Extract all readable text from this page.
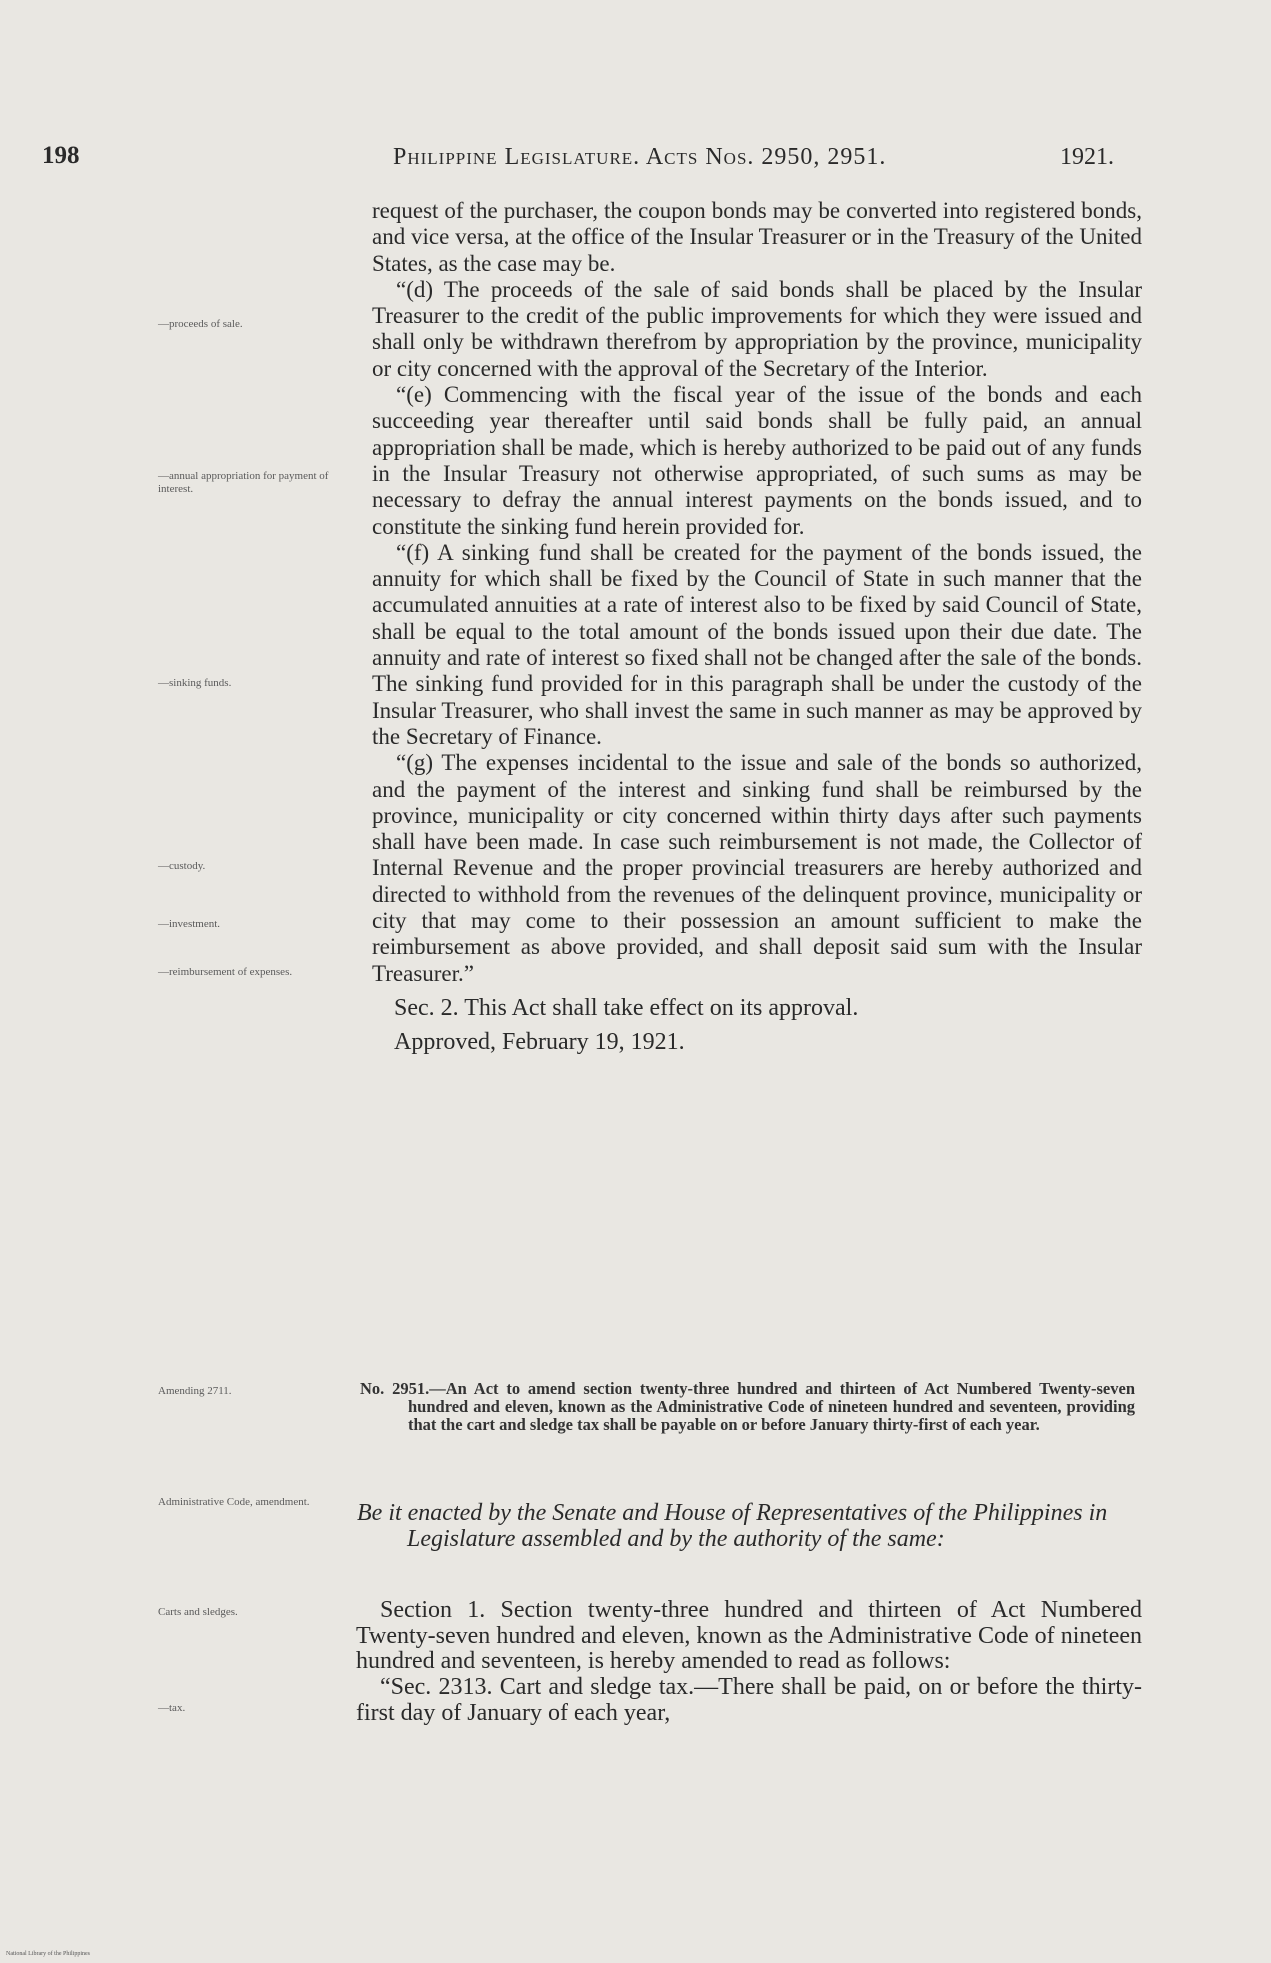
198	Philippine Legislature. Acts Nos. 2950, 2951.	1921.
—proceeds of sale.
—annual appropriation for payment of interest.
—sinking funds.
—custody.
—investment.
—reimbursement of expenses.
Amending 2711.
Administrative Code, amendment.
Carts and sledges.
—tax.

request of the purchaser, the coupon bonds may be converted into registered bonds, and vice versa, at the office of the Insular Treasurer or in the Treasury of the United States, as the case may be.

“(d) The proceeds of the sale of said bonds shall be placed by the Insular Treasurer to the credit of the public improvements for which they were issued and shall only be withdrawn therefrom by appropriation by the province, municipality or city concerned with the approval of the Secretary of the Interior.

“(e) Commencing with the fiscal year of the issue of the bonds and each succeeding year thereafter until said bonds shall be fully paid, an annual appropriation shall be made, which is hereby authorized to be paid out of any funds in the Insular Treasury not otherwise appropriated, of such sums as may be necessary to defray the annual interest payments on the bonds issued, and to constitute the sinking fund herein provided for.

“(f) A sinking fund shall be created for the payment of the bonds issued, the annuity for which shall be fixed by the Council of State in such manner that the accumulated annuities at a rate of interest also to be fixed by said Council of State, shall be equal to the total amount of the bonds issued upon their due date. The annuity and rate of interest so fixed shall not be changed after the sale of the bonds. The sinking fund provided for in this paragraph shall be under the custody of the Insular Treasurer, who shall invest the same in such manner as may be approved by the Secretary of Finance.

“(g) The expenses incidental to the issue and sale of the bonds so authorized, and the payment of the interest and sinking fund shall be reimbursed by the province, municipality or city concerned within thirty days after such payments shall have been made. In case such reimbursement is not made, the Collector of Internal Revenue and the proper provincial treasurers are hereby authorized and directed to withhold from the revenues of the delinquent province, municipality or city that may come to their possession an amount sufficient to make the reimbursement as above provided, and shall deposit said sum with the Insular Treasurer.”

Sec. 2. This Act shall take effect on its approval.

Approved, February 19, 1921.

No. 2951.—An Act to amend section twenty-three hundred and thirteen of Act Numbered Twenty-seven hundred and eleven, known as the Administrative Code of nineteen hundred and seventeen, providing that the cart and sledge tax shall be payable on or before January thirty-first of each year.
Be it enacted by the Senate and House of Representatives of the Philippines in Legislature assembled and by the authority of the same:

Section 1. Section twenty-three hundred and thirteen of Act Numbered Twenty-seven hundred and eleven, known as the Administrative Code of nineteen hundred and seventeen, is hereby amended to read as follows:

“Sec. 2313. Cart and sledge tax.—There shall be paid, on or before the thirty-first day of January of each year,

National Library of the Philippines
